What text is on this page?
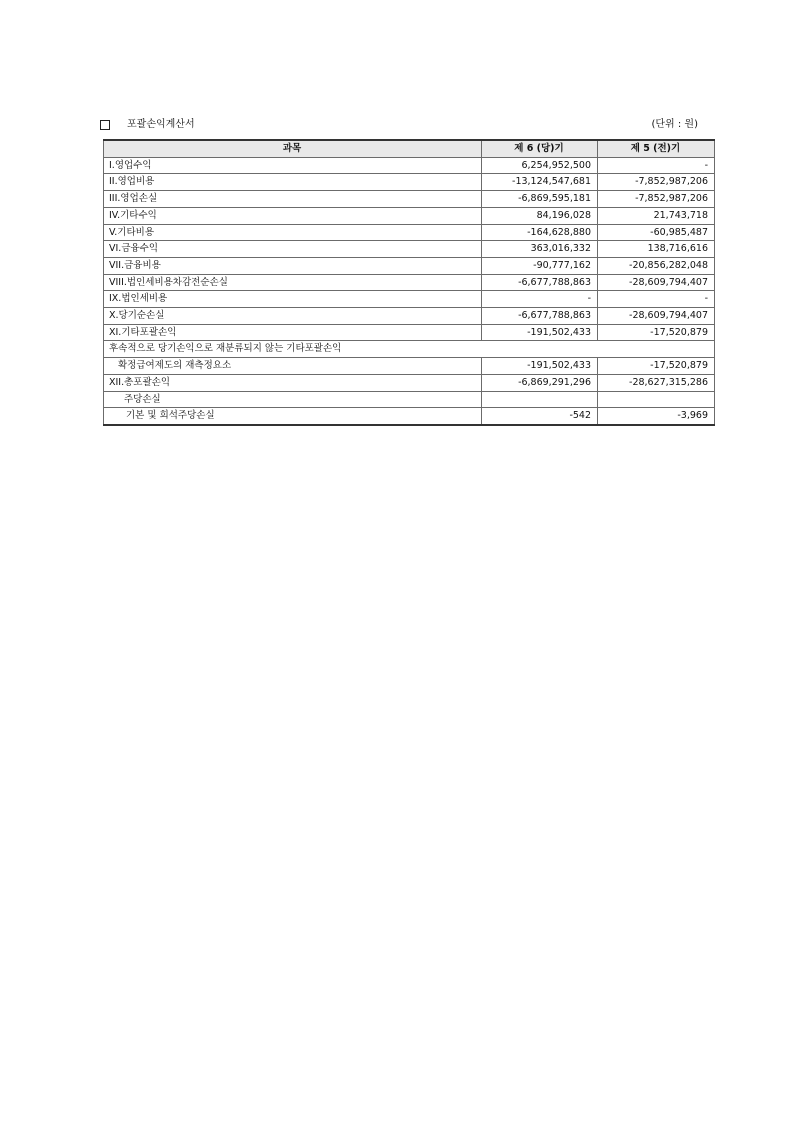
포괄손익계산서	(단위 : 원)
과목	제 6 (당)기	제 5 (전)기
I.영업수익	6,254,952,500	-
II.영업비용	-13,124,547,681	-7,852,987,206
III.영업손실	-6,869,595,181	-7,852,987,206
IV.기타수익	84,196,028	21,743,718
V.기타비용	-164,628,880	-60,985,487
VI.금융수익	363,016,332	138,716,616
VII.금융비용	-90,777,162	-20,856,282,048
VIII.법인세비용차감전순손실	-6,677,788,863	-28,609,794,407
IX.법인세비용	-	-
X.당기순손실	-6,677,788,863	-28,609,794,407
XI.기타포괄손익	-191,502,433	-17,520,879
후속적으로 당기손익으로 재분류되지 않는 기타포괄손익		
확정급여제도의 재측정요소	-191,502,433	-17,520,879
XII.총포괄손익	-6,869,291,296	-28,627,315,286
주당손실		
기본 및 희석주당손실	-542	-3,969
